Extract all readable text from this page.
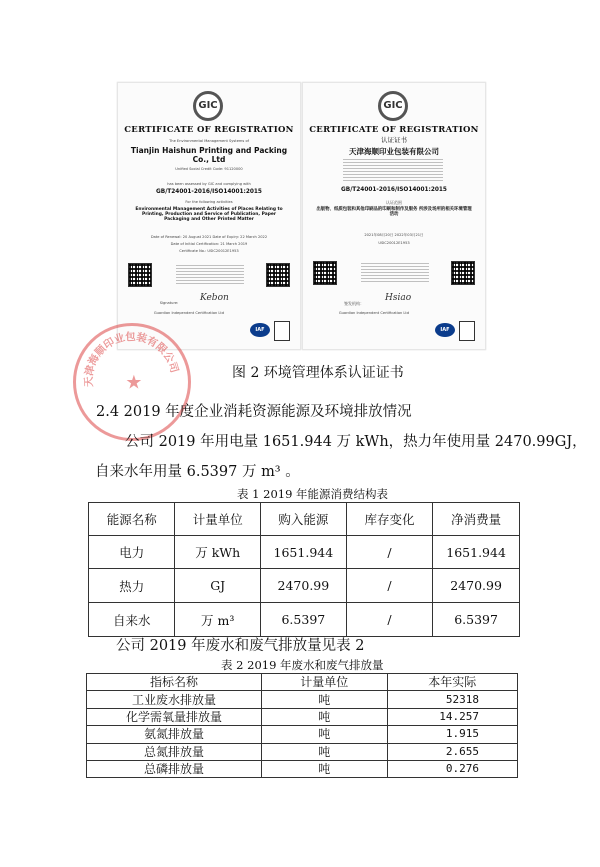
GIC
CERTIFICATE OF REGISTRATION
The Environmental Management Systems of
Tianjin Haishun Printing and Packing Co., Ltd
Unified Social Credit Code: 91120000
has been assessed by GIC and complying with
GB/T24001-2016/ISO14001:2015
For the following activities
Environmental Management Activities of Places Relating to Printing, Production and Service of Publication, Paper Packaging and Other Printed Matter
Date of Renewal: 20 August 2021 Date of Expiry: 22 March 2022
Date of Initial Certification: 21 March 2019
Certificate No.: USIC20012E1953
Signature:	Kebon
Guardian Independent Certification Ltd
IAF
GIC
CERTIFICATE OF REGISTRATION
认证证书
天津海顺印业包装有限公司
GB/T24001-2016/ISO14001:2015
认证范围
出版物、纸质包装和其他印刷品的印刷和制作及服务 所涉及场所的相关环境管理活动
2021年08月20日 2022年03月21日
USIC20012E1953
签发机构：
Hsiao
Guardian Independent Certification Ltd
IAF
天津海顺印业包装有限公司
★	图 2 环境管理体系认证证书
2.4 2019 年度企业消耗资源能源及环境排放情况
公司 2019 年用电量 1651.944 万 kWh，热力年使用量 2470.99GJ，
自来水年用量 6.5397 万 m³ 。
表 1 2019 年能源消费结构表
能源名称	计量单位	购入能源	库存变化	净消费量
电力	万 kWh	1651.944	/	1651.944
热力	GJ	2470.99	/	2470.99
自来水	万 m³	6.5397	/	6.5397
公司 2019 年废水和废气排放量见表 2
表 2 2019 年废水和废气排放量
指标名称	计量单位	本年实际
工业废水排放量	吨	52318
化学需氧量排放量	吨	14.257
氨氮排放量	吨	1.915
总氮排放量	吨	2.655
总磷排放量	吨	0.276
